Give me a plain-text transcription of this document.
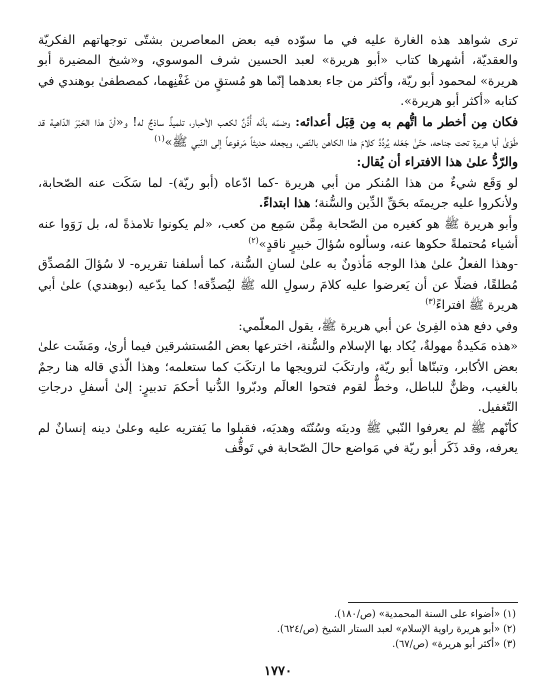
ترى شواهد هذه الغارة عليه في ما سوّده فيه بعض المعاصرين بشتّى توجهاتهم الفكريّة والعقديّة، أشهرها كتاب «أبو هريرة» لعبد الحسين شرف الموسوي، و«شيخ المضيرة أبو هريرة» لمحمود أبو ريّة، وأكثر من جاء بعدهما إنّما هو مُستقٍ من غَفْنِهما، كمصطفىٰ بوهندي في كتابه «أكثر أبو هريرة».

فكان مِن أخطر ما اتُّهم به مِن قِبَل أعدائه: وضمّه بأنّه أُذُنٌ لكعب الأحبار، تلميذٌ ساذجٌ له! و«أنّ هذا الحَبْرَ الدّاهية قد طَوَىٰ أبا هريرة تحت جناحه، حتّىٰ جَعَله يُردِّدُ كلامَ هذا الكاهن بالنّص، ويجعله حديثاً مَرفوعاً إلى النّبي ﷺ»$^{(١)}$

والرّدُّ علىٰ هذا الافتراء أن يُقال:

لو وَقَع شيءٌ من هذا المُنكر من أبي هريرة -كما ادّعاه (أبو ريّة)- لما سَكَت عنه الصّحابة، ولأنكروا عليه جريمتَه بحَقِّ الدِّين والسُّنة؛ هذا ابتداءً.

وأبو هريرة ﷺ هو كغيره من الصّحابة مِمَّن سَمِع من كعب، «لم يكونوا تلامذةً له، بل رَوَوا عنه أشياء مُحتملةً حكوها عنه، وسألوه سُؤالَ خبيرٍ ناقدٍ»$^{(٢)}$

-وهذا الفعلُ علىٰ هذا الوجه مَأذونٌ به علىٰ لسانِ السُّنة، كما أسلفنا تقريره- لا سُؤالَ المُصدِّق مُطلقًا، فضلًا عن أن يَعرضوا عليه كلامَ رسولِ الله ﷺ ليُصدِّقه! كما يدّعيه (بوهندي) علىٰ أبي هريرة ﷺ افتراءً$^{(٣)}$

وفي دفع هذه الفِرىٰ عن أبي هريرة ﷺ، يقول المعلّمي:

«هذه مَكيدةٌ مهولةٌ، يُكاد بها الإسلام والسُّنة، اخترعها بعض المُستشرقين فيما أرىٰ، ومَشَت علىٰ بعض الأكابر، وتبنّاها أبو ريّة، وارتكَبَ لترويجها ما ارتكَبَ كما ستعلمه؛ وهذا الّذي قاله هنا رجمٌ بالغيب، وظنٌّ للباطل، وخطٌّ لقوم فتحوا العالَم ودبّروا الدُّنيا أحكمَ تدبيرٍ: إلىٰ أسفلِ درجاتِ التّغفيل.

كأنّهم ﷺ لم يعرفوا النّبي ﷺ ودينَه وسُنّتَه وهديَه، فقبلوا ما يَفتريه عليه وعلىٰ دينه إنسانٌ لم يعرفه، وقد ذَكَر أبو ريّة في مَواضع حالَ الصّحابة في تَوقُّف

(١) «أضواء على السنة المحمدية» (ص/١٨٠).
(٢) «أبو هريرة راوية الإسلام» لعبد الستار الشيخ (ص/٦٢٤).
(٣) «أكثر أبو هريرة» (ص/٦٧).
١٧٧٠
